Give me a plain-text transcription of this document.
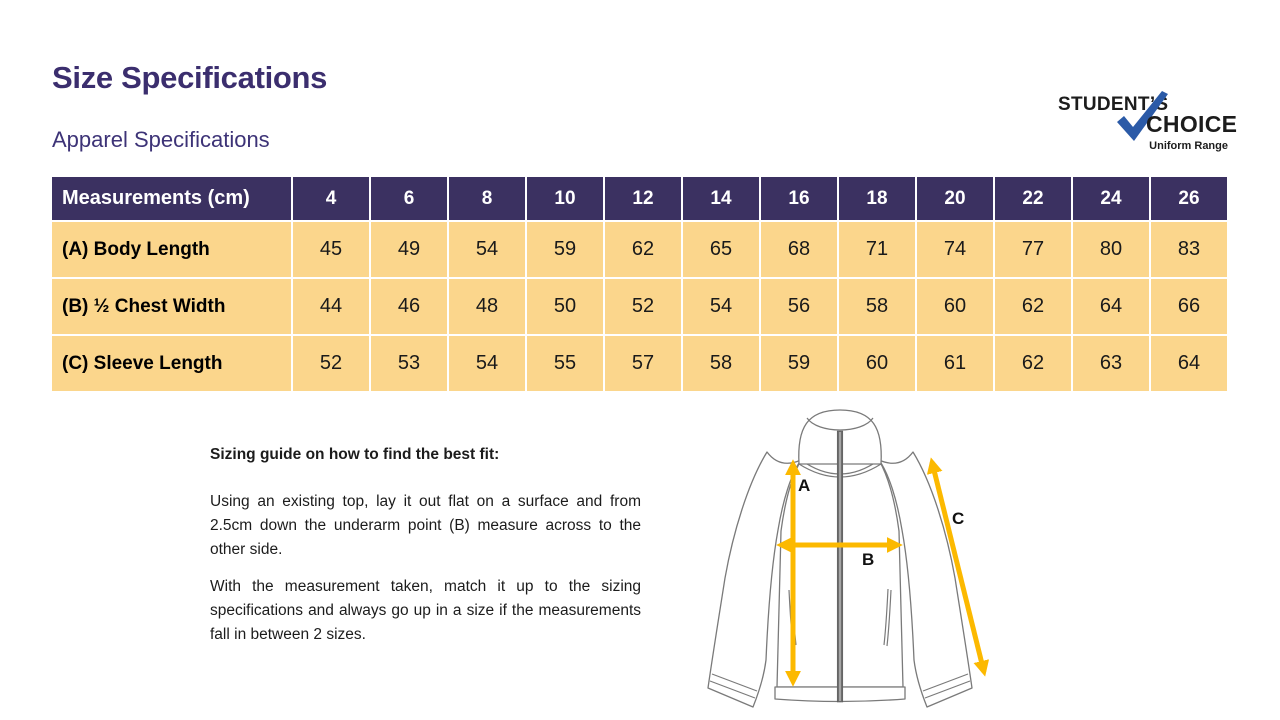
Size Specifications
Apparel Specifications
STUDENT’S
CHOICE
Uniform Range
Measurements (cm)	4	6	8	10	12	14	16	18	20	22	24	26
(A) Body Length	45	49	54	59	62	65	68	71	74	77	80	83
(B) ½ Chest Width	44	46	48	50	52	54	56	58	60	62	64	66
(C) Sleeve Length	52	53	54	55	57	58	59	60	61	62	63	64
Sizing guide on how to find the best fit:

Using an existing top, lay it out flat on a surface and from 2.5cm down the underarm point (B) measure across to the other side.

With the measurement taken, match it up to the sizing specifications and always go up in a size if the measurements fall in between 2 sizes.

A
B
C
